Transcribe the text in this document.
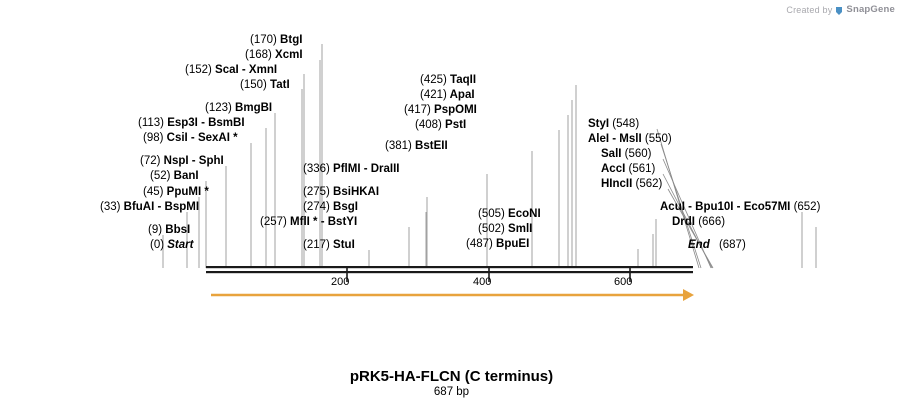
Created by SnapGene
(170) BtgI
(168) XcmI
(152) ScaI - XmnI
(150) TatI
(123) BmgBI
(113) Esp3I - BsmBI
(98) CsiI - SexAI *
(72) NspI - SphI
(52) BanI
(45) PpuMI *
(33) BfuAI - BspMI
(9) BbsI
(336) PflMI - DraIII
(275) BsiHKAI
(274) BsgI
(257) MflI * - BstYI
(217) StuI
(381) BstEII
(425) TaqII
(421) ApaI
(417) PspOMI
(408) PstI
(505) EcoNI
(502) SmlI
(487) BpuEI
StyI (548)
AleI - MslI (550)
SalI (560)
AccI (561)
HIncII (562)
AcuI - Bpu10I - Eco57MI (652)
DrdI (666)
(0) Start	End (687)
200	400	600
pRK5-HA-FLCN (C terminus)
687 bp
